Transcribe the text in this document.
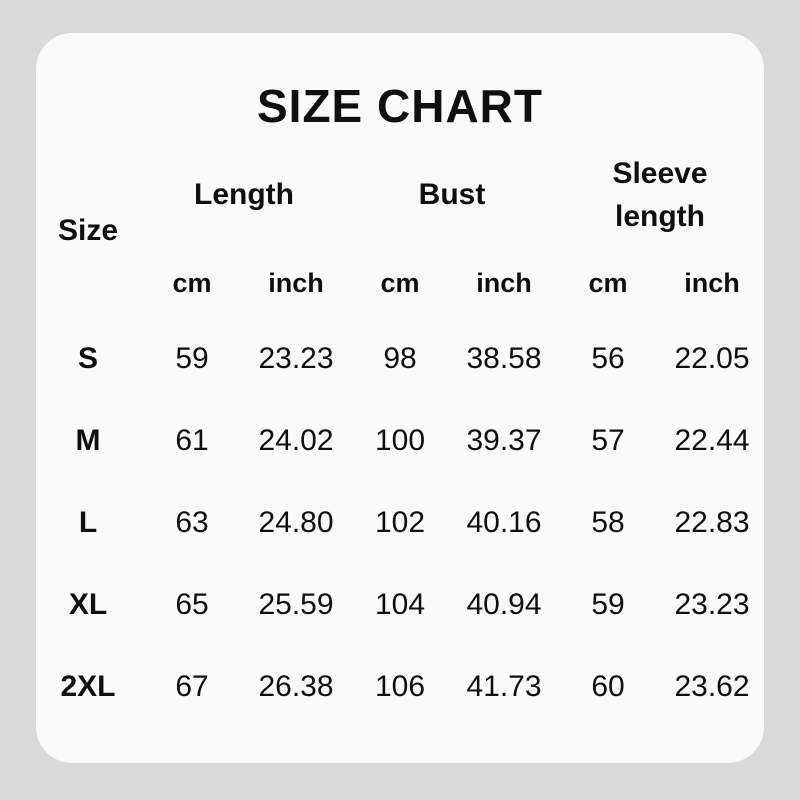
SIZE CHART
Size
Length	Bust
Sleeve length
cm	inch	cm	inch	cm	inch
S	59	23.23	98	38.58	56	22.05
M	61	24.02	100	39.37	57	22.44
L	63	24.80	102	40.16	58	22.83
XL	65	25.59	104	40.94	59	23.23
2XL	67	26.38	106	41.73	60	23.62
